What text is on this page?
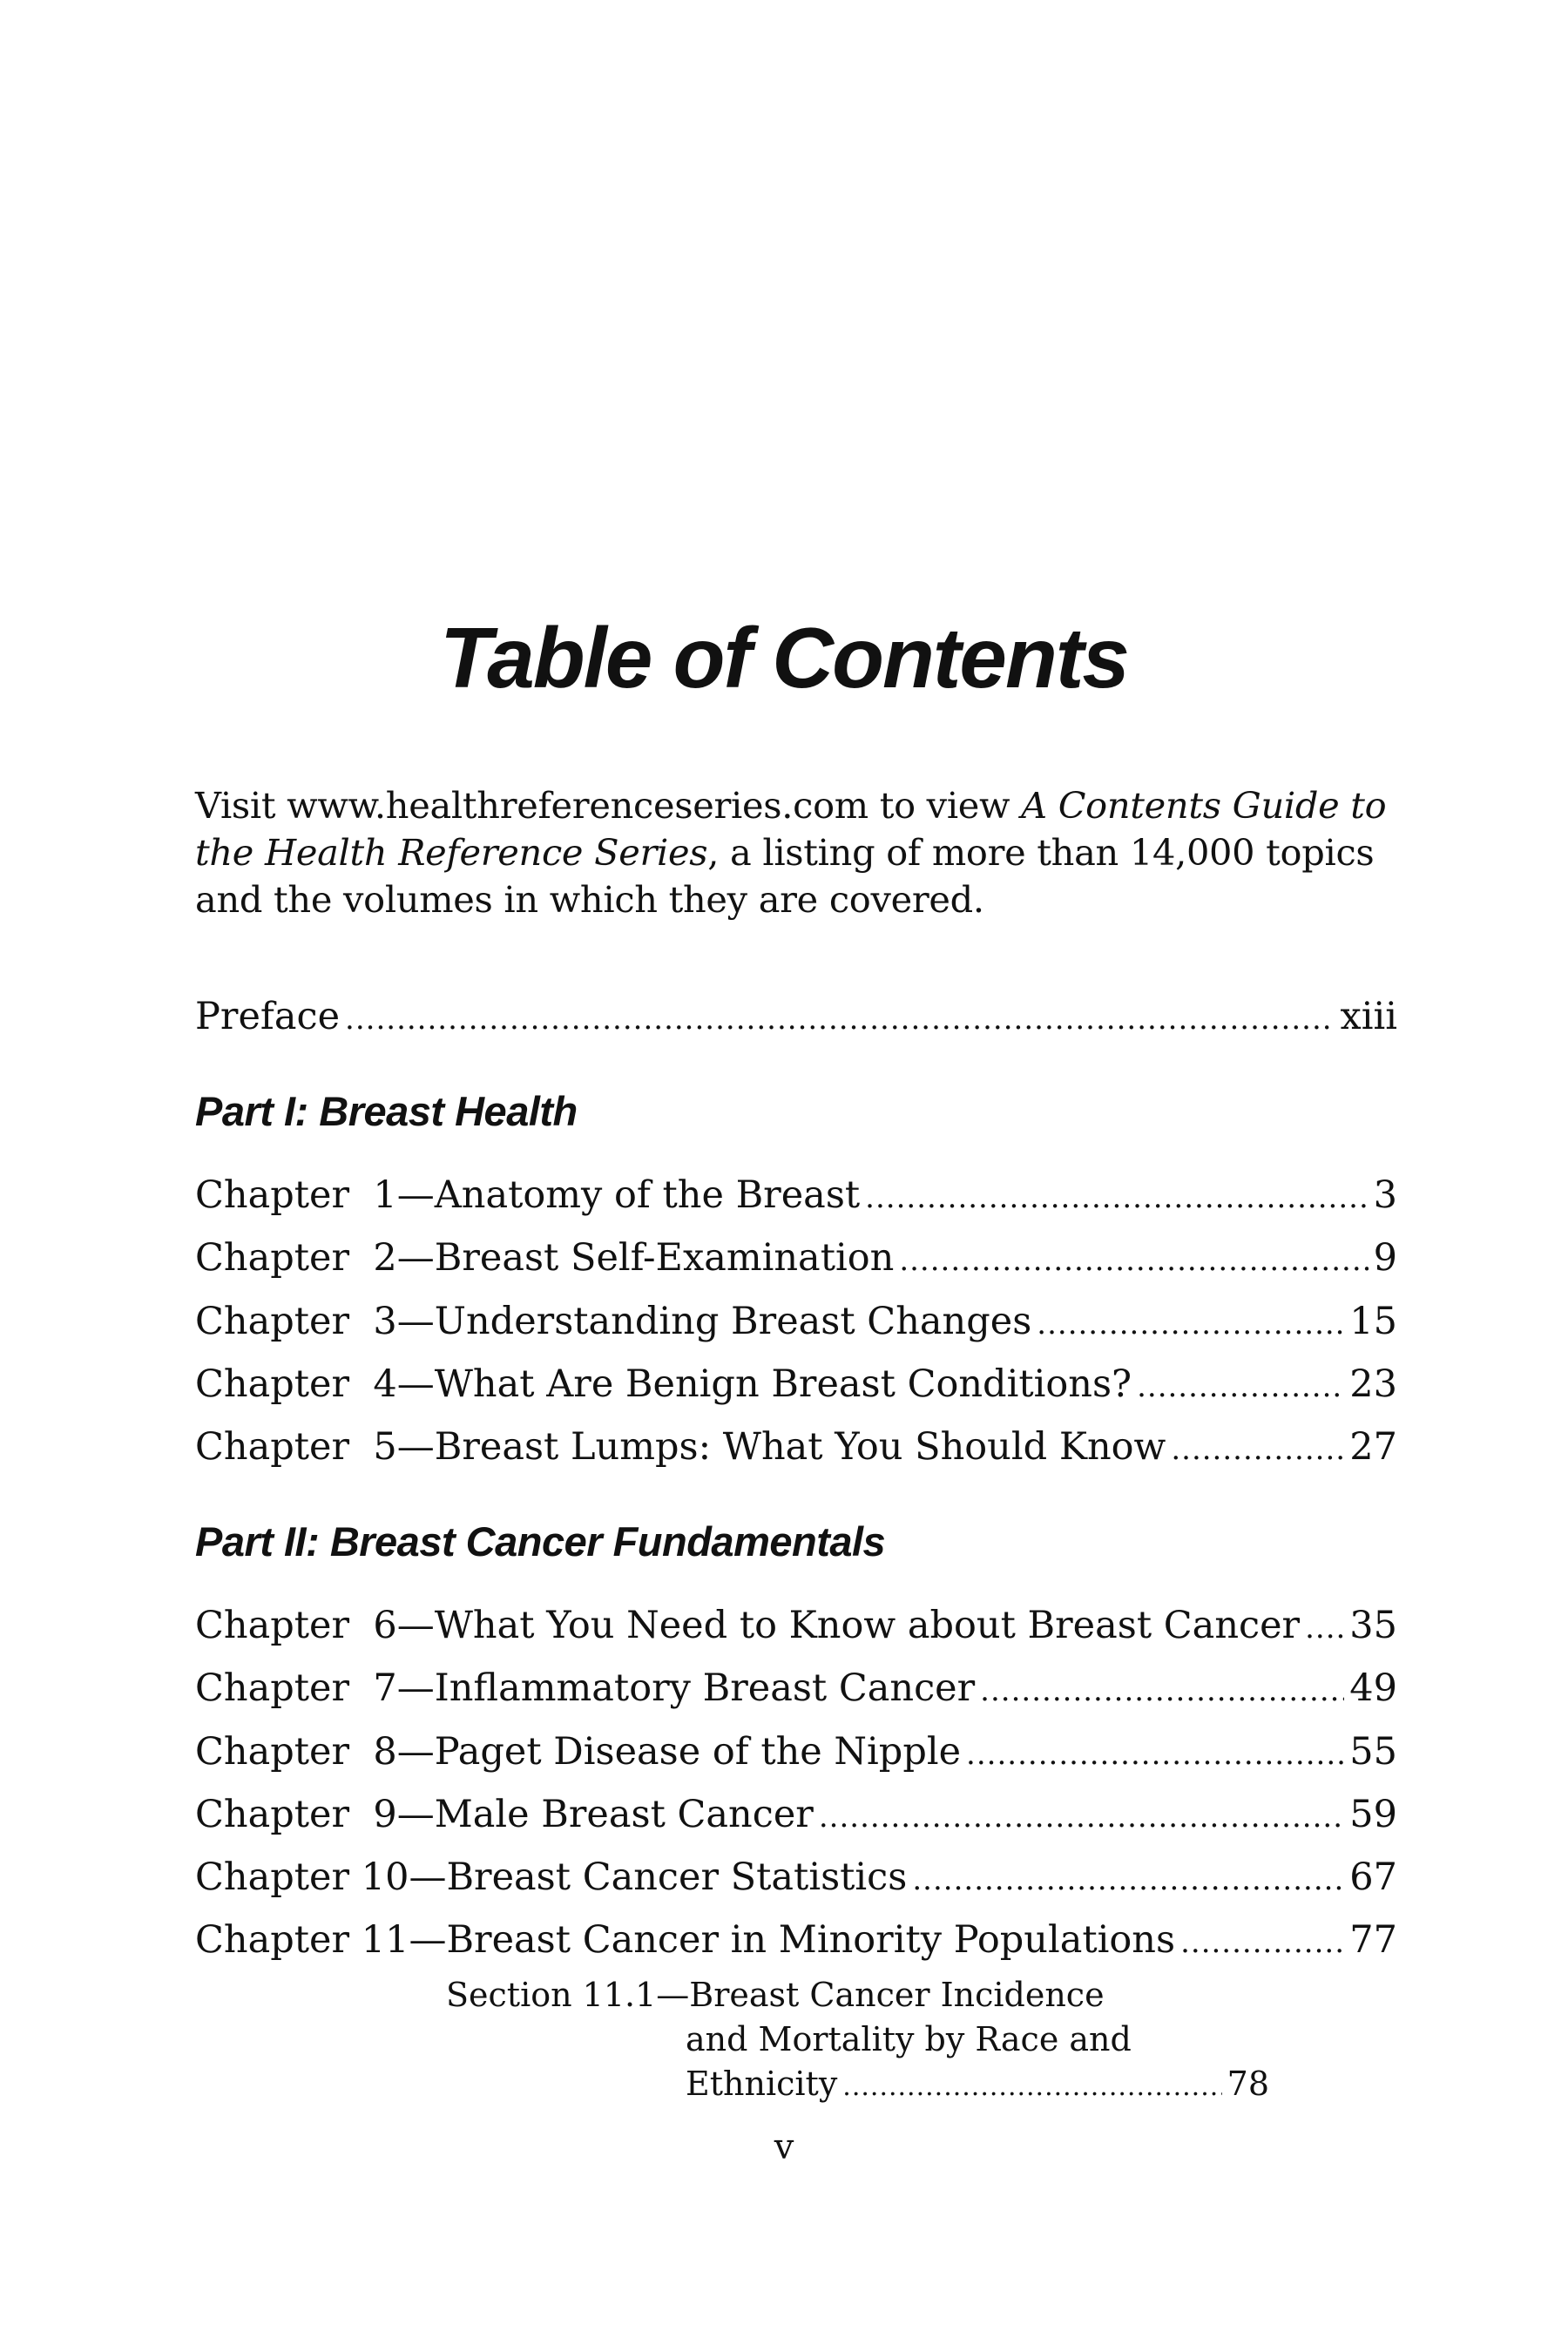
Table of Contents

Visit www.healthreferenceseries.com to view A Contents Guide to the Health Reference Series, a listing of more than 14,000 topics and the volumes in which they are covered.

Preface .....	xiii
Part I: Breast Health
Chapter  1—Anatomy of the Breast .....	3
Chapter  2—Breast Self-Examination .....	9
Chapter  3—Understanding Breast Changes .....	15
Chapter  4—What Are Benign Breast Conditions? .....	23
Chapter  5—Breast Lumps: What You Should Know .....	27
Part II: Breast Cancer Fundamentals
Chapter  6—What You Need to Know about Breast Cancer ..... 35
Chapter  7—Inflammatory Breast Cancer .....	49
Chapter  8—Paget Disease of the Nipple .....	55
Chapter  9—Male Breast Cancer .....	59
Chapter 10—Breast Cancer Statistics .....	67
Chapter 11—Breast Cancer in Minority Populations .....	77
Section 11.1 —Breast Cancer Incidence
and Mortality by Race and
Ethnicity .....	78
v
